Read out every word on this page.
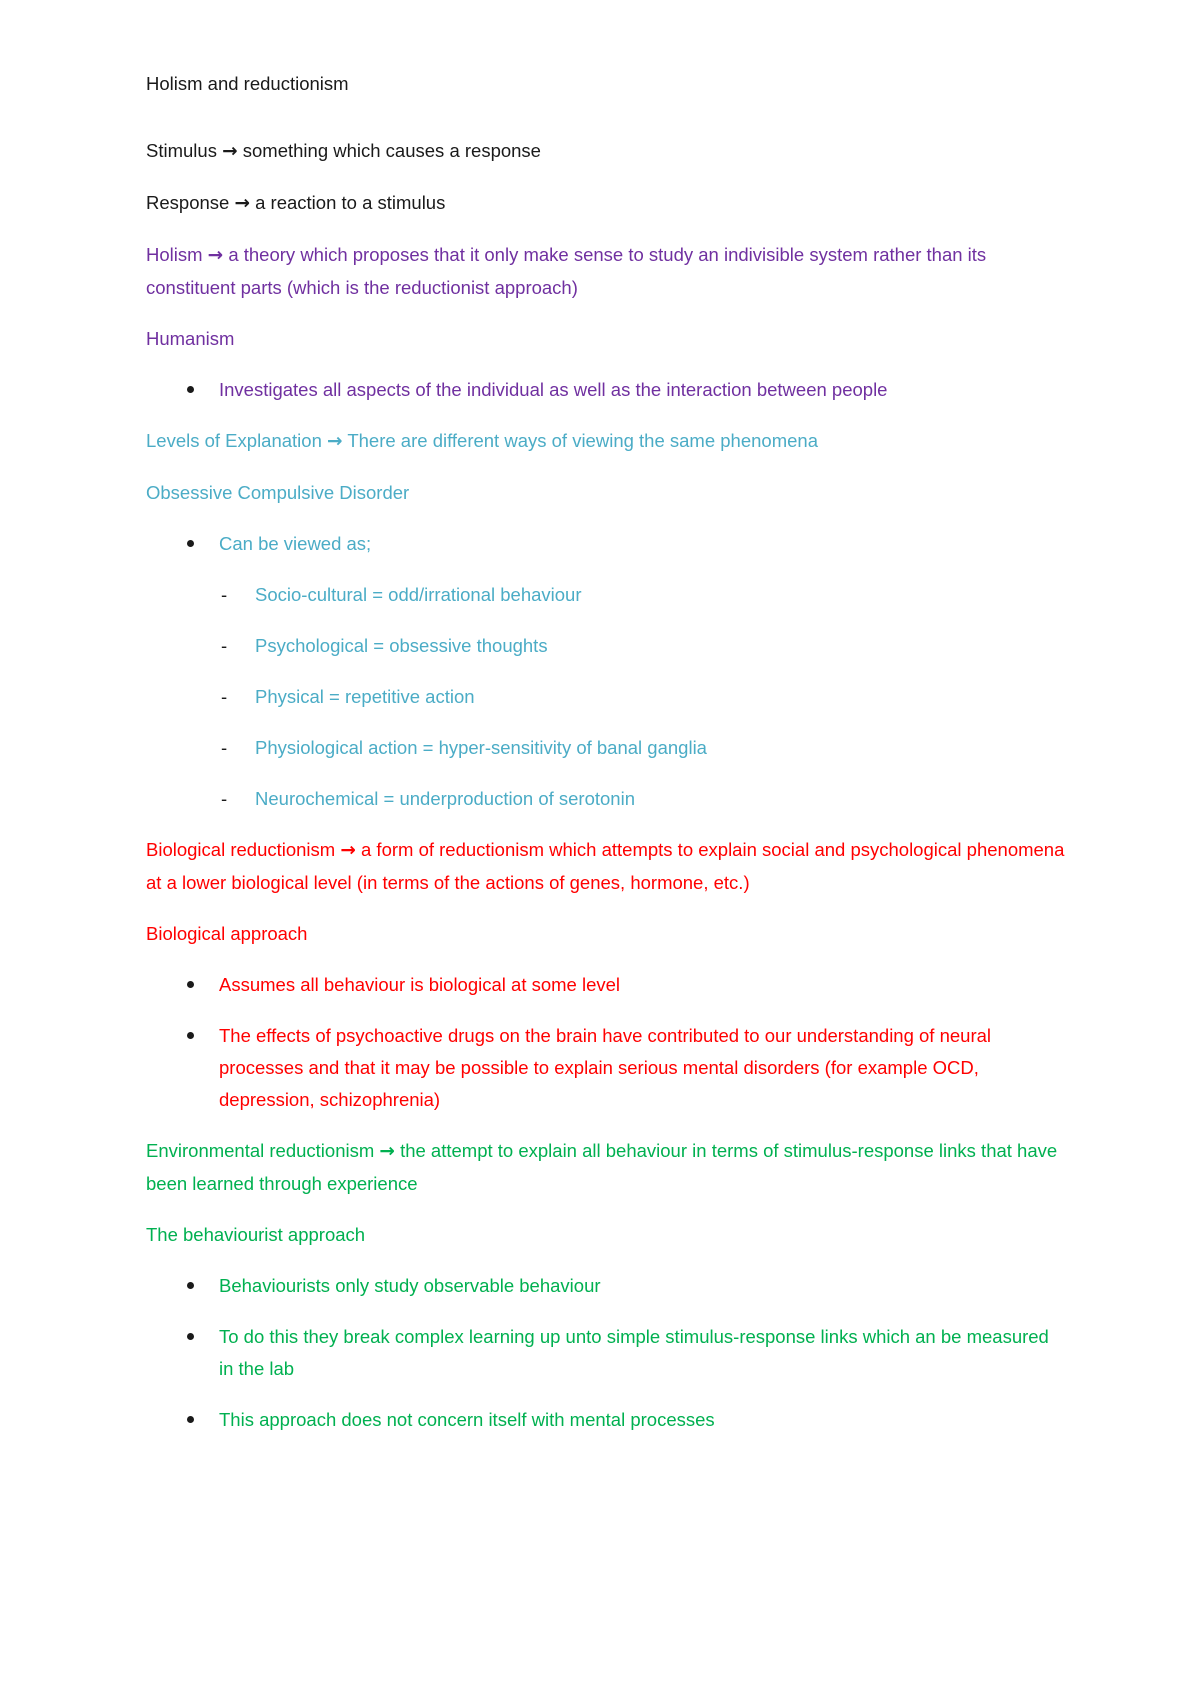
Holism and reductionism

Stimulus → something which causes a response

Response → a reaction to a stimulus

Holism → a theory which proposes that it only make sense to study an indivisible system rather than its constituent parts (which is the reductionist approach)

Humanism

Investigates all aspects of the individual as well as the interaction between people

Levels of Explanation → There are different ways of viewing the same phenomena

Obsessive Compulsive Disorder

Can be viewed as;
- Socio-cultural = odd/irrational behaviour
- Psychological = obsessive thoughts
- Physical = repetitive action
- Physiological action = hyper-sensitivity of banal ganglia
- Neurochemical = underproduction of serotonin

Biological reductionism → a form of reductionism which attempts to explain social and psychological phenomena at a lower biological level (in terms of the actions of genes, hormone, etc.)

Biological approach

Assumes all behaviour is biological at some level
The effects of psychoactive drugs on the brain have contributed to our understanding of neural processes and that it may be possible to explain serious mental disorders (for example OCD, depression, schizophrenia)

Environmental reductionism → the attempt to explain all behaviour in terms of stimulus-response links that have been learned through experience

The behaviourist approach

Behaviourists only study observable behaviour
To do this they break complex learning up unto simple stimulus-response links which an be measured in the lab
This approach does not concern itself with mental processes
